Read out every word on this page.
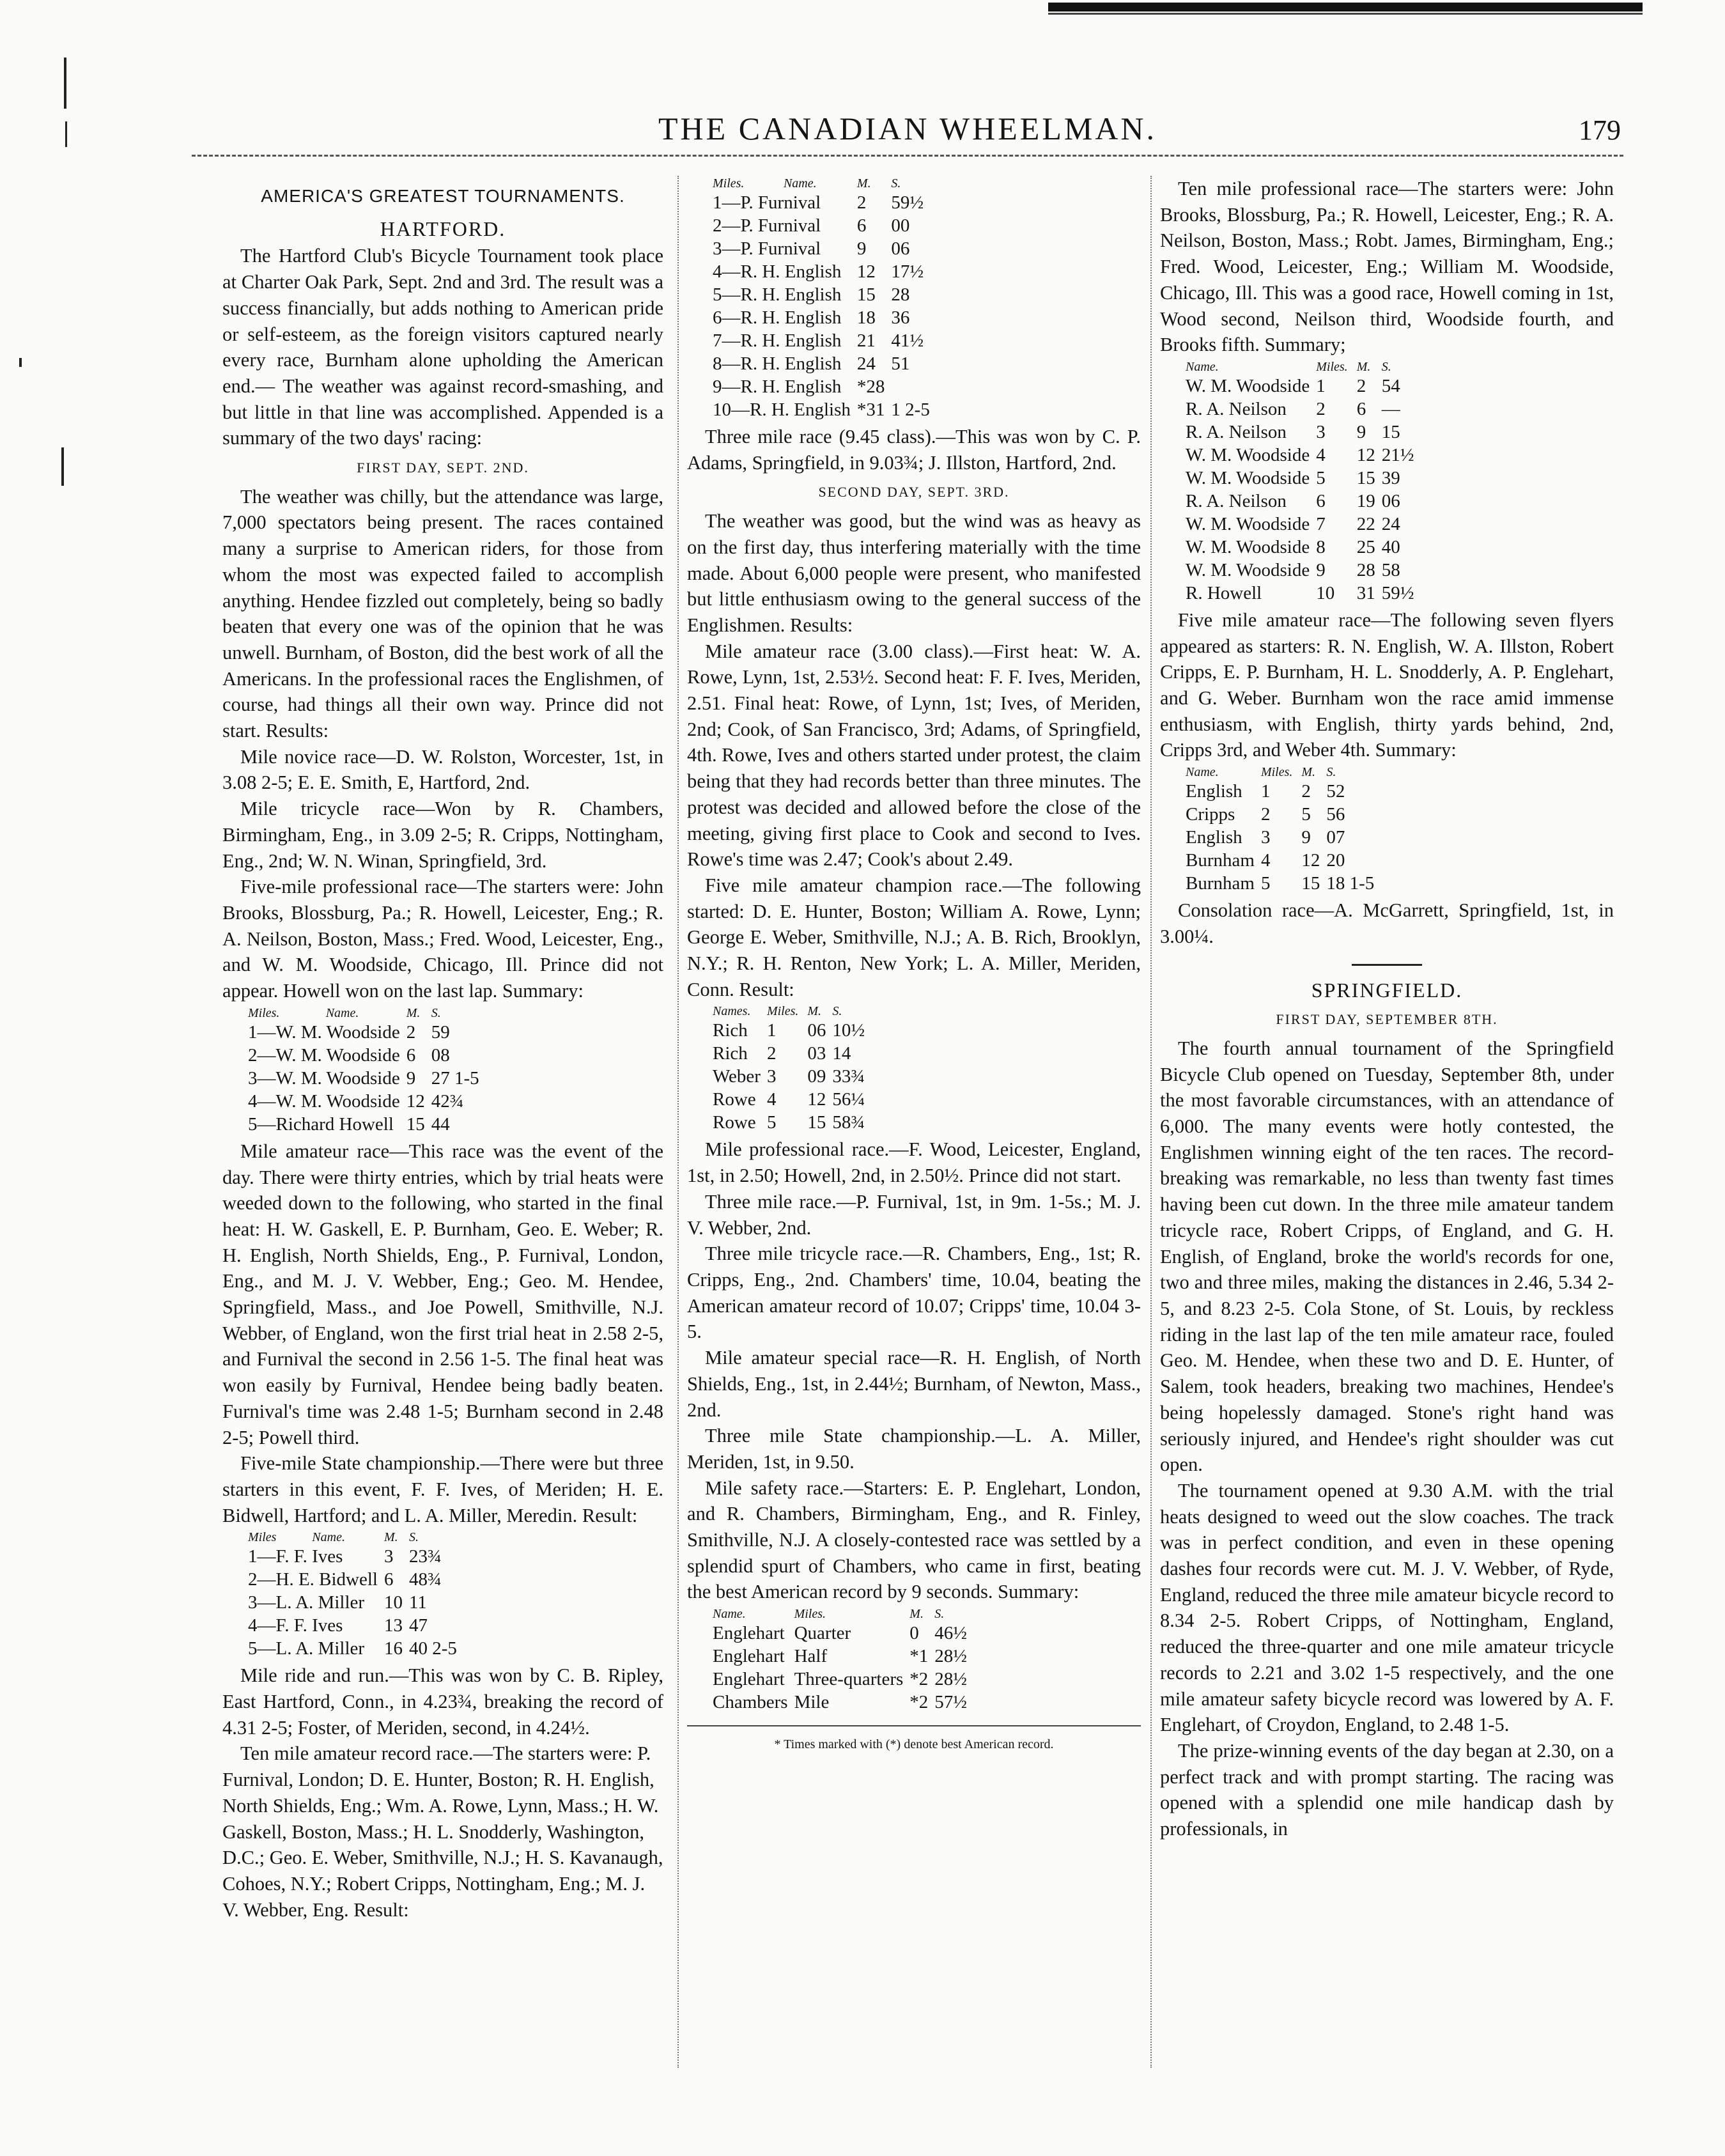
THE CANADIAN WHEELMAN.	179
AMERICA'S GREATEST TOURNAMENTS.
HARTFORD.

The Hartford Club's Bicycle Tournament took place at Charter Oak Park, Sept. 2nd and 3rd. The result was a success financially, but adds nothing to American pride or self-esteem, as the foreign visitors captured nearly every race, Burnham alone upholding the American end.— The weather was against record-smashing, and but little in that line was accomplished. Appended is a summary of the two days' racing:

FIRST DAY, SEPT. 2ND.

The weather was chilly, but the attendance was large, 7,000 spectators being present. The races contained many a surprise to American riders, for those from whom the most was expected failed to accomplish anything. Hendee fizzled out completely, being so badly beaten that every one was of the opinion that he was unwell. Burnham, of Boston, did the best work of all the Americans. In the professional races the Englishmen, of course, had things all their own way. Prince did not start. Results:

Mile novice race—D. W. Rolston, Worcester, 1st, in 3.08 2-5; E. E. Smith, E, Hartford, 2nd.

Mile tricycle race—Won by R. Chambers, Birmingham, Eng., in 3.09 2-5; R. Cripps, Nottingham, Eng., 2nd; W. N. Winan, Springfield, 3rd.

Five-mile professional race—The starters were: John Brooks, Blossburg, Pa.; R. Howell, Leicester, Eng.; R. A. Neilson, Boston, Mass.; Fred. Wood, Leicester, Eng., and W. M. Woodside, Chicago, Ill. Prince did not appear. Howell won on the last lap. Summary:

Miles.	Name.	M.	S.
1—W. M. Woodside		2	59
2—W. M. Woodside		6	08
3—W. M. Woodside		9	27 1-5
4—W. M. Woodside		12	42¾
5—Richard Howell		15	44

Mile amateur race—This race was the event of the day. There were thirty entries, which by trial heats were weeded down to the following, who started in the final heat: H. W. Gaskell, E. P. Burnham, Geo. E. Weber; R. H. English, North Shields, Eng., P. Furnival, London, Eng., and M. J. V. Webber, Eng.; Geo. M. Hendee, Springfield, Mass., and Joe Powell, Smithville, N.J. Webber, of England, won the first trial heat in 2.58 2-5, and Furnival the second in 2.56 1-5. The final heat was won easily by Furnival, Hendee being badly beaten. Furnival's time was 2.48 1-5; Burnham second in 2.48 2-5; Powell third.

Five-mile State championship.—There were but three starters in this event, F. F. Ives, of Meriden; H. E. Bidwell, Hartford; and L. A. Miller, Meredin. Result:

Miles	Name.	M.	S.
1—F. F. Ives		3	23¾
2—H. E. Bidwell		6	48¾
3—L. A. Miller		10	11
4—F. F. Ives		13	47
5—L. A. Miller		16	40 2-5

Mile ride and run.—This was won by C. B. Ripley, East Hartford, Conn., in 4.23¾, breaking the record of 4.31 2-5; Foster, of Meriden, second, in 4.24½.

Ten mile amateur record race.—The starters were: P. Furnival, London; D. E. Hunter, Boston; R. H. English, North Shields, Eng.; Wm. A. Rowe, Lynn, Mass.; H. W. Gaskell, Boston, Mass.; H. L. Snodderly, Washington, D.C.; Geo. E. Weber, Smithville, N.J.; H. S. Kavanaugh, Cohoes, N.Y.; Robert Cripps, Nottingham, Eng.; M. J. V. Webber, Eng. Result:

Miles.	Name.	M.	S.
1—P. Furnival		2	59½
2—P. Furnival		6	00
3—P. Furnival		9	06
4—R. H. English		12	17½
5—R. H. English		15	28
6—R. H. English		18	36
7—R. H. English		21	41½
8—R. H. English		24	51
9—R. H. English		*28	
10—R. H. English		*31	1 2-5

Three mile race (9.45 class).—This was won by C. P. Adams, Springfield, in 9.03¾; J. Illston, Hartford, 2nd.

SECOND DAY, SEPT. 3RD.

The weather was good, but the wind was as heavy as on the first day, thus interfering materially with the time made. About 6,000 people were present, who manifested but little enthusiasm owing to the general success of the Englishmen. Results:

Mile amateur race (3.00 class).—First heat: W. A. Rowe, Lynn, 1st, 2.53½. Second heat: F. F. Ives, Meriden, 2.51. Final heat: Rowe, of Lynn, 1st; Ives, of Meriden, 2nd; Cook, of San Francisco, 3rd; Adams, of Springfield, 4th. Rowe, Ives and others started under protest, the claim being that they had records better than three minutes. The protest was decided and allowed before the close of the meeting, giving first place to Cook and second to Ives. Rowe's time was 2.47; Cook's about 2.49.

Five mile amateur champion race.—The following started: D. E. Hunter, Boston; William A. Rowe, Lynn; George E. Weber, Smithville, N.J.; A. B. Rich, Brooklyn, N.Y.; R. H. Renton, New York; L. A. Miller, Meriden, Conn. Result:

Names.	Miles.	M.	S.
Rich	1	06	10½
Rich	2	03	14
Weber	3	09	33¾
Rowe	4	12	56¼
Rowe	5	15	58¾

Mile professional race.—F. Wood, Leicester, England, 1st, in 2.50; Howell, 2nd, in 2.50½. Prince did not start.

Three mile race.—P. Furnival, 1st, in 9m. 1-5s.; M. J. V. Webber, 2nd.

Three mile tricycle race.—R. Chambers, Eng., 1st; R. Cripps, Eng., 2nd. Chambers' time, 10.04, beating the American amateur record of 10.07; Cripps' time, 10.04 3-5.

Mile amateur special race—R. H. English, of North Shields, Eng., 1st, in 2.44½; Burnham, of Newton, Mass., 2nd.

Three mile State championship.—L. A. Miller, Meriden, 1st, in 9.50.

Mile safety race.—Starters: E. P. Englehart, London, and R. Chambers, Birmingham, Eng., and R. Finley, Smithville, N.J. A closely-contested race was settled by a splendid spurt of Chambers, who came in first, beating the best American record by 9 seconds. Summary:

Name.	Miles.	M.	S.
Englehart	Quarter	0	46½
Englehart	Half	*1	28½
Englehart	Three-quarters	*2	28½
Chambers	Mile	*2	57½
* Times marked with (*) denote best American record.

Ten mile professional race—The starters were: John Brooks, Blossburg, Pa.; R. Howell, Leicester, Eng.; R. A. Neilson, Boston, Mass.; Robt. James, Birmingham, Eng.; Fred. Wood, Leicester, Eng.; William M. Woodside, Chicago, Ill. This was a good race, Howell coming in 1st, Wood second, Neilson third, Woodside fourth, and Brooks fifth. Summary;

Name.	Miles.	M.	S.
W. M. Woodside	1	2	54
R. A. Neilson	2	6	—
R. A. Neilson	3	9	15
W. M. Woodside	4	12	21½
W. M. Woodside	5	15	39
R. A. Neilson	6	19	06
W. M. Woodside	7	22	24
W. M. Woodside	8	25	40
W. M. Woodside	9	28	58
R. Howell	10	31	59½

Five mile amateur race—The following seven flyers appeared as starters: R. N. English, W. A. Illston, Robert Cripps, E. P. Burnham, H. L. Snodderly, A. P. Englehart, and G. Weber. Burnham won the race amid immense enthusiasm, with English, thirty yards behind, 2nd, Cripps 3rd, and Weber 4th. Summary:

Name.	Miles.	M.	S.
English	1	2	52
Cripps	2	5	56
English	3	9	07
Burnham	4	12	20
Burnham	5	15	18 1-5

Consolation race—A. McGarrett, Springfield, 1st, in 3.00¼.

SPRINGFIELD.
FIRST DAY, SEPTEMBER 8TH.

The fourth annual tournament of the Springfield Bicycle Club opened on Tuesday, September 8th, under the most favorable circumstances, with an attendance of 6,000. The many events were hotly contested, the Englishmen winning eight of the ten races. The record-breaking was remarkable, no less than twenty fast times having been cut down. In the three mile amateur tandem tricycle race, Robert Cripps, of England, and G. H. English, of England, broke the world's records for one, two and three miles, making the distances in 2.46, 5.34 2-5, and 8.23 2-5. Cola Stone, of St. Louis, by reckless riding in the last lap of the ten mile amateur race, fouled Geo. M. Hendee, when these two and D. E. Hunter, of Salem, took headers, breaking two machines, Hendee's being hopelessly damaged. Stone's right hand was seriously injured, and Hendee's right shoulder was cut open.

The tournament opened at 9.30 A.M. with the trial heats designed to weed out the slow coaches. The track was in perfect condition, and even in these opening dashes four records were cut. M. J. V. Webber, of Ryde, England, reduced the three mile amateur bicycle record to 8.34 2-5. Robert Cripps, of Nottingham, England, reduced the three-quarter and one mile amateur tricycle records to 2.21 and 3.02 1-5 respectively, and the one mile amateur safety bicycle record was lowered by A. F. Englehart, of Croydon, England, to 2.48 1-5.

The prize-winning events of the day began at 2.30, on a perfect track and with prompt starting. The racing was opened with a splendid one mile handicap dash by professionals, in
